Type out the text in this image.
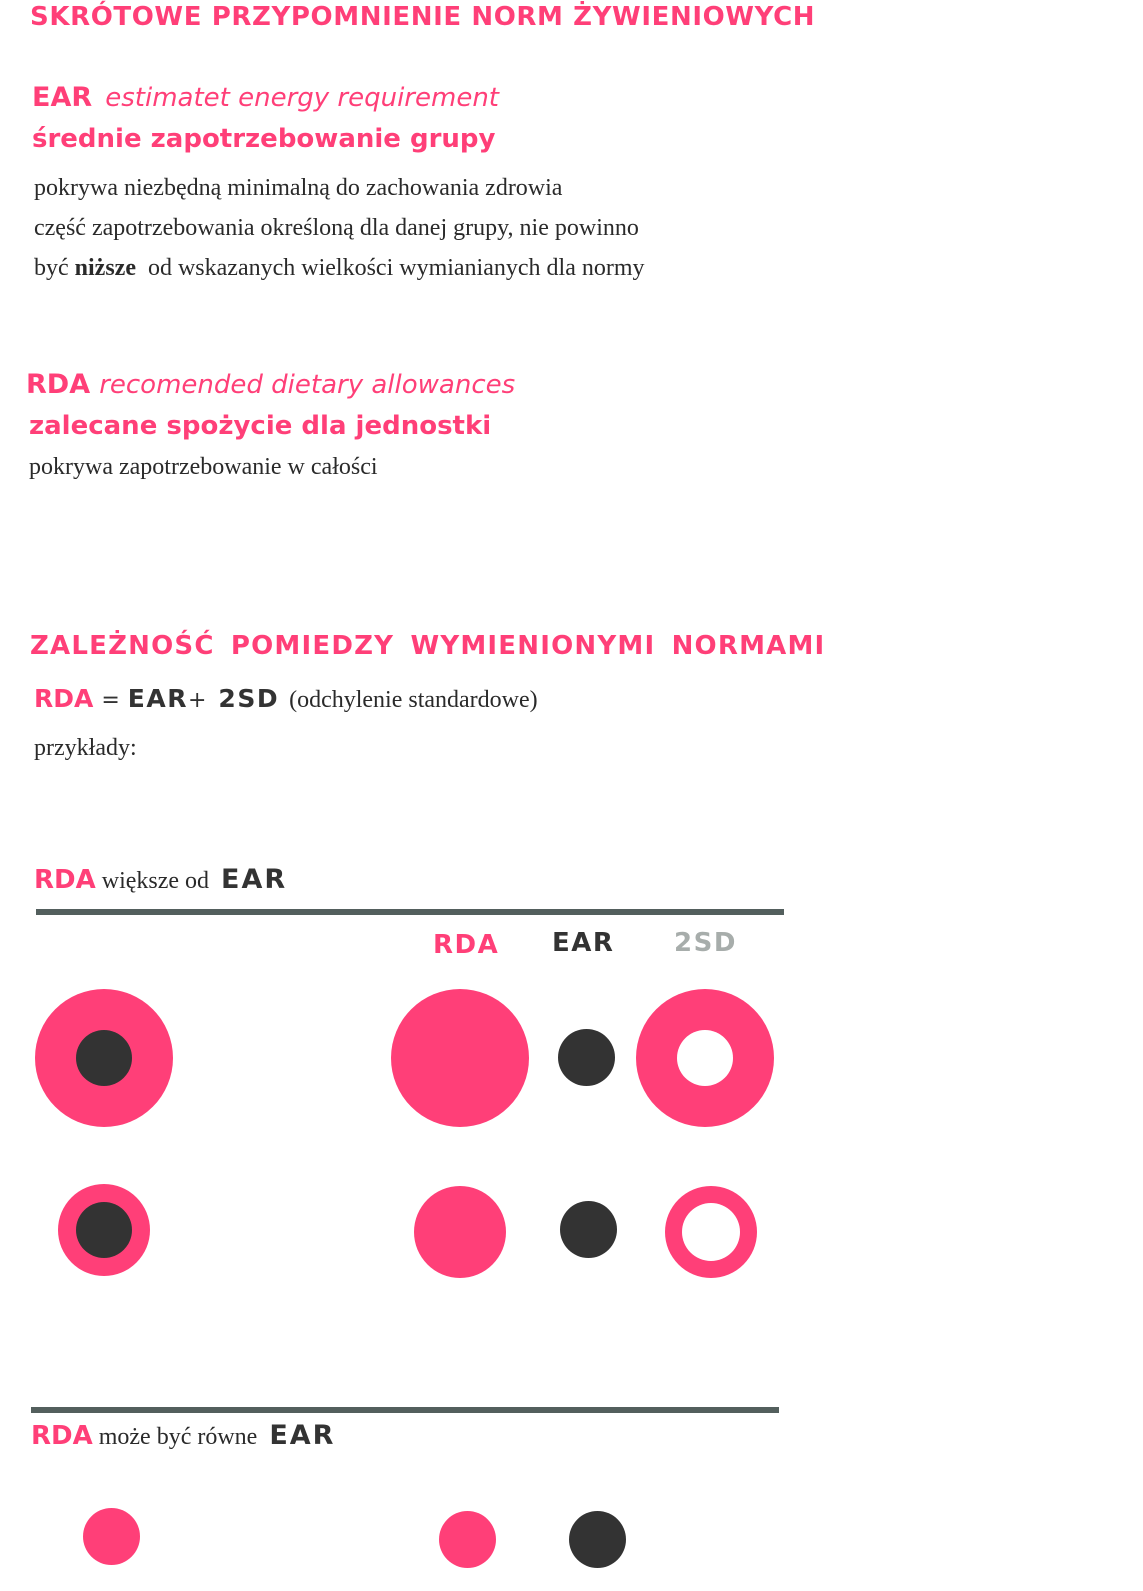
SKRÓTOWE PRZYPOMNIENIE NORM ŻYWIENIOWYCH
EAR estimatet energy requirement
średnie zapotrzebowanie grupy
pokrywa niezbędną minimalną do zachowania zdrowia
część zapotrzebowania określoną dla danej grupy, nie powinno
być niższe od wskazanych wielkości wymianianych dla normy
RDA recomended dietary allowances
zalecane spożycie dla jednostki
pokrywa zapotrzebowanie w całości
ZALEŻNOŚĆ POMIEDZY WYMIENIONYMI NORMAMI
RDA = EAR+ 2SD (odchylenie standardowe)
przykłady:
RDA większe od EAR
RDA EAR 2SD
RDA może być równe EAR
